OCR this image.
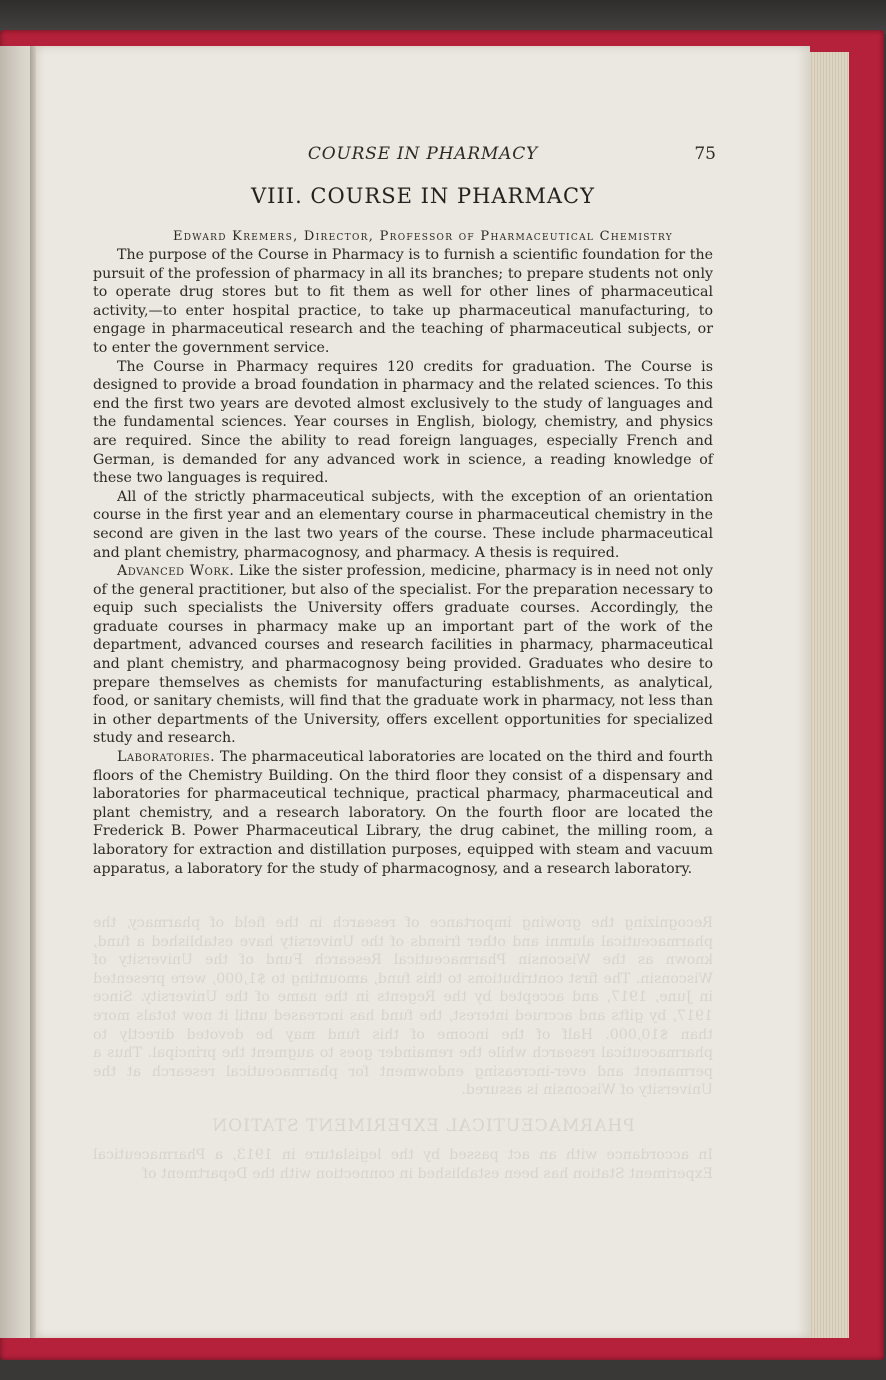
Recognizing the growing importance of research in the field of pharmacy, the pharmaceutical alumni and other friends of the University have established a fund, known as the Wisconsin Pharmaceutical Research Fund of the University of Wisconsin. The first contributions to this fund, amounting to $1,000, were presented in June, 1917, and accepted by the Regents in the name of the University. Since 1917, by gifts and accrued interest, the fund has increased until it now totals more than $10,000. Half of the income of this fund may be devoted directly to pharmaceutical research while the remainder goes to augment the principal. Thus a permanent and ever-increasing endowment for pharmaceutical research at the University of Wisconsin is assured.
PHARMACEUTICAL EXPERIMENT STATION
In accordance with an act passed by the legislature in 1913, a Pharmaceutical Experiment Station has been established in connection with the Department of
COURSE IN PHARMACY	75
VIII. COURSE IN PHARMACY
Edward Kremers, Director, Professor of Pharmaceutical Chemistry

The purpose of the Course in Pharmacy is to furnish a scientific foundation for the pursuit of the profession of pharmacy in all its branches; to prepare students not only to operate drug stores but to fit them as well for other lines of pharmaceutical activity,—to enter hospital practice, to take up pharmaceutical manufacturing, to engage in pharmaceutical research and the teaching of pharmaceutical subjects, or to enter the government service.

The Course in Pharmacy requires 120 credits for graduation. The Course is designed to provide a broad foundation in pharmacy and the related sciences. To this end the first two years are devoted almost exclusively to the study of languages and the fundamental sciences. Year courses in English, biology, chemistry, and physics are required. Since the ability to read foreign languages, especially French and German, is demanded for any advanced work in science, a reading knowledge of these two languages is required.

All of the strictly pharmaceutical subjects, with the exception of an orientation course in the first year and an elementary course in pharmaceutical chemistry in the second are given in the last two years of the course. These include pharmaceutical and plant chemistry, pharmacognosy, and pharmacy. A thesis is required.

Advanced Work. Like the sister profession, medicine, pharmacy is in need not only of the general practitioner, but also of the specialist. For the preparation necessary to equip such specialists the University offers graduate courses. Accordingly, the graduate courses in pharmacy make up an important part of the work of the department, advanced courses and research facilities in pharmacy, pharmaceutical and plant chemistry, and pharmacognosy being provided. Graduates who desire to prepare themselves as chemists for manufacturing establishments, as analytical, food, or sanitary chemists, will find that the graduate work in pharmacy, not less than in other departments of the University, offers excellent opportunities for specialized study and research.

Laboratories. The pharmaceutical laboratories are located on the third and fourth floors of the Chemistry Building. On the third floor they consist of a dispensary and laboratories for pharmaceutical technique, practical pharmacy, pharmaceutical and plant chemistry, and a research laboratory. On the fourth floor are located the Frederick B. Power Pharmaceutical Library, the drug cabinet, the milling room, a laboratory for extraction and distillation purposes, equipped with steam and vacuum apparatus, a laboratory for the study of pharmacognosy, and a research laboratory.
